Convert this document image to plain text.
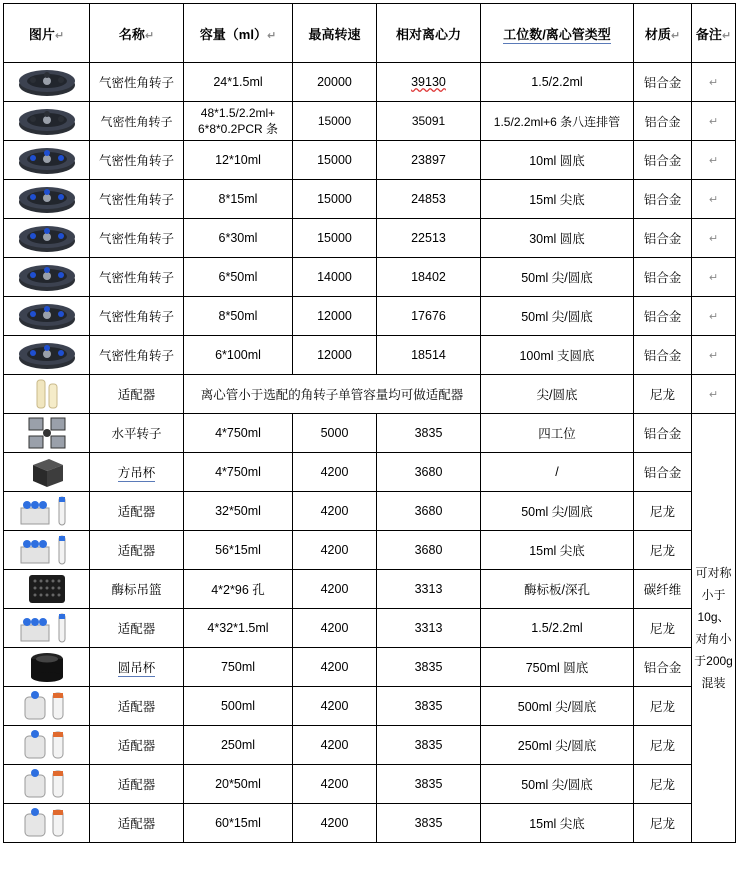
图片↵	名称↵	容量（ml）↵	最高转速	相对离心力	工位数/离心管类型	材质↵	备注↵

	气密性角转子	24*1.5ml	20000	39130	1.5/2.2ml	铝合金	↵

	气密性角转子	48*1.5/2.2ml+ 6*8*0.2PCR 条	15000	35091	1.5/2.2ml+6 条八连排管	铝合金	↵

	气密性角转子	12*10ml	15000	23897	10ml 圆底	铝合金	↵

	气密性角转子	8*15ml	15000	24853	15ml 尖底	铝合金	↵

	气密性角转子	6*30ml	15000	22513	30ml 圆底	铝合金	↵

	气密性角转子	6*50ml	14000	18402	50ml 尖/圆底	铝合金	↵

	气密性角转子	8*50ml	12000	17676	50ml 尖/圆底	铝合金	↵

	气密性角转子	6*100ml	12000	18514	100ml 支圆底	铝合金	↵

	适配器	离心管小于选配的角转子单管容量均可做适配器			尖/圆底	尼龙	↵

	水平转子	4*750ml	5000	3835	四工位	铝合金	可对称小于10g、对角小于200g混装

	方吊杯	4*750ml	4200	3680	/	铝合金	

	适配器	32*50ml	4200	3680	50ml 尖/圆底	尼龙	

	适配器	56*15ml	4200	3680	15ml 尖底	尼龙	

	酶标吊篮	4*2*96 孔	4200	3313	酶标板/深孔	碳纤维	

	适配器	4*32*1.5ml	4200	3313	1.5/2.2ml	尼龙	

	圆吊杯	750ml	4200	3835	750ml 圆底	铝合金	

	适配器	500ml	4200	3835	500ml 尖/圆底	尼龙	

	适配器	250ml	4200	3835	250ml 尖/圆底	尼龙	

	适配器	20*50ml	4200	3835	50ml 尖/圆底	尼龙	

	适配器	60*15ml	4200	3835	15ml 尖底	尼龙	
